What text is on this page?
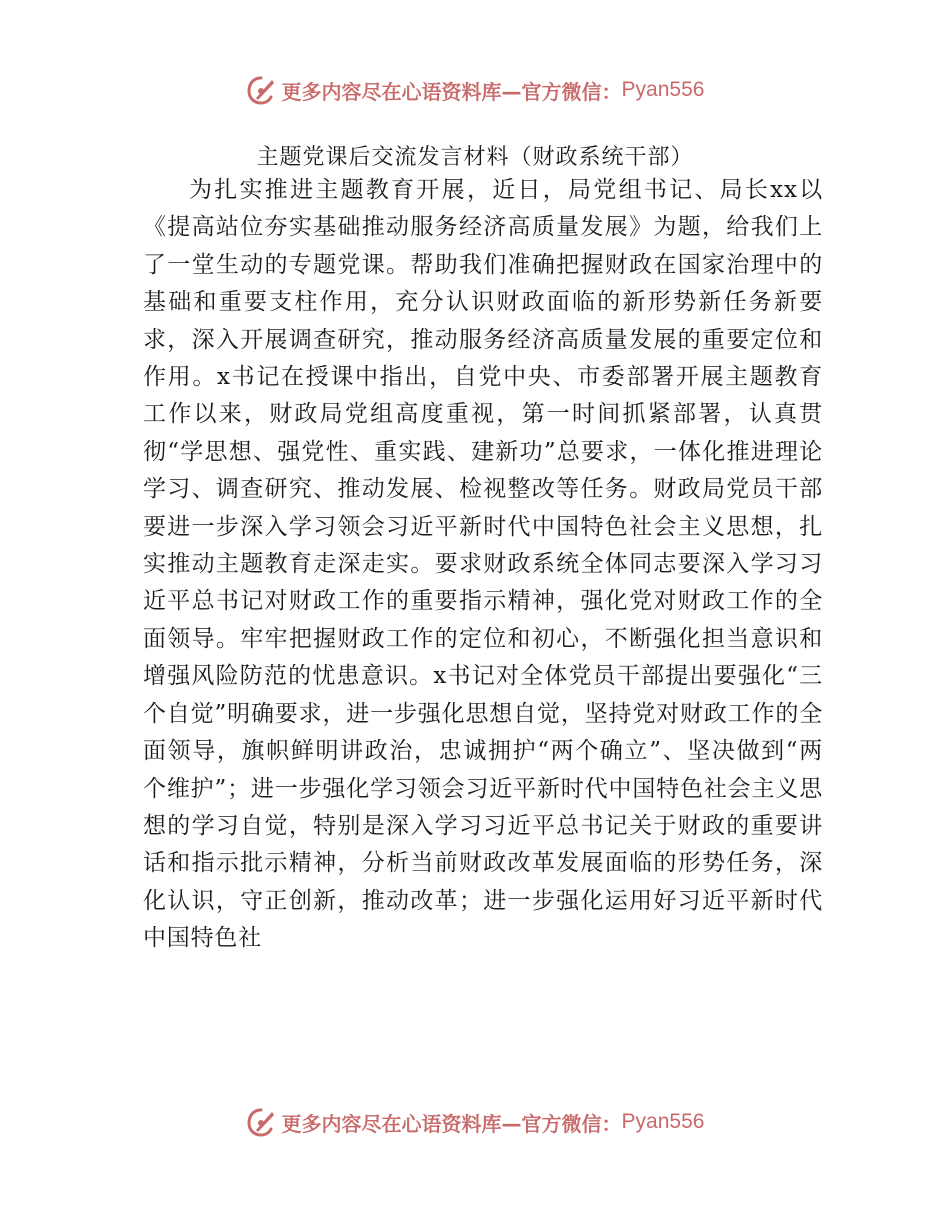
更多内容尽在心语资料库—官方微信： Pyan556
主题党课后交流发言材料（财政系统干部）

为扎实推进主题教育开展，近日，局党组书记、局长xx以《提高站位夯实基础推动服务经济高质量发展》为题，给我们上了一堂生动的专题党课。帮助我们准确把握财政在国家治理中的基础和重要支柱作用，充分认识财政面临的新形势新任务新要求，深入开展调查研究，推动服务经济高质量发展的重要定位和作用。x书记在授课中指出，自党中央、市委部署开展主题教育工作以来，财政局党组高度重视，第一时间抓紧部署，认真贯彻“学思想、强党性、重实践、建新功”总要求，一体化推进理论学习、调查研究、推动发展、检视整改等任务。财政局党员干部要进一步深入学习领会习近平新时代中国特色社会主义思想，扎实推动主题教育走深走实。要求财政系统全体同志要深入学习习近平总书记对财政工作的重要指示精神，强化党对财政工作的全面领导。牢牢把握财政工作的定位和初心，不断强化担当意识和增强风险防范的忧患意识。x书记对全体党员干部提出要强化“三个自觉”明确要求，进一步强化思想自觉，坚持党对财政工作的全面领导，旗帜鲜明讲政治，忠诚拥护“两个确立”、坚决做到“两个维护”；进一步强化学习领会习近平新时代中国特色社会主义思想的学习自觉，特别是深入学习习近平总书记关于财政的重要讲话和指示批示精神，分析当前财政改革发展面临的形势任务，深化认识，守正创新，推动改革；进一步强化运用好习近平新时代中国特色社

更多内容尽在心语资料库—官方微信： Pyan556
